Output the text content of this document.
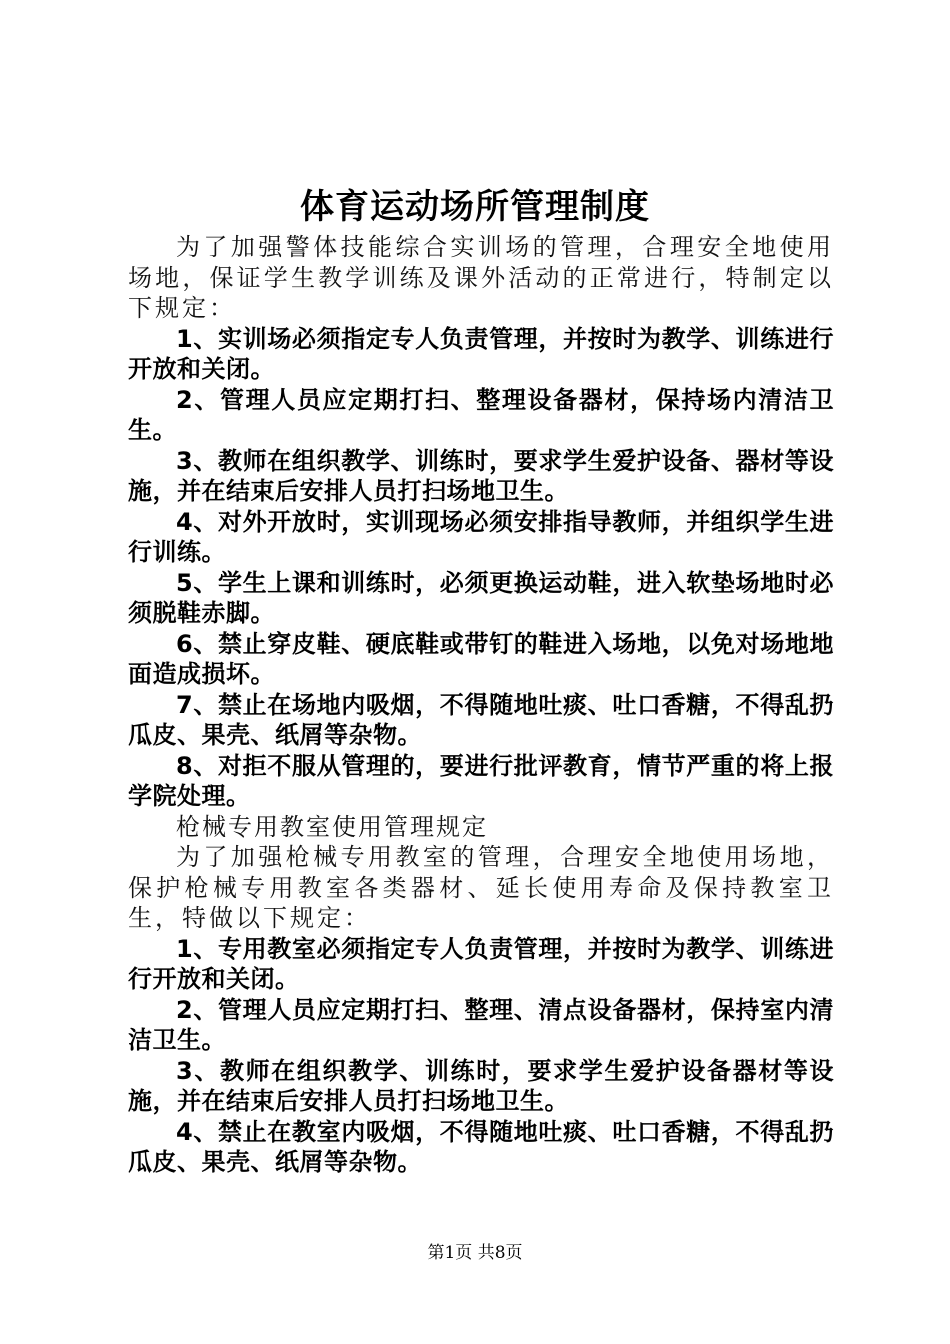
体育运动场所管理制度

为了加强警体技能综合实训场的管理，合理安全地使用场地，保证学生教学训练及课外活动的正常进行，特制定以下规定：

1、实训场必须指定专人负责管理，并按时为教学、训练进行开放和关闭。

2、管理人员应定期打扫、整理设备器材，保持场内清洁卫生。

3、教师在组织教学、训练时，要求学生爱护设备、器材等设施，并在结束后安排人员打扫场地卫生。

4、对外开放时，实训现场必须安排指导教师，并组织学生进行训练。

5、学生上课和训练时，必须更换运动鞋，进入软垫场地时必须脱鞋赤脚。

6、禁止穿皮鞋、硬底鞋或带钉的鞋进入场地，以免对场地地面造成损坏。

7、禁止在场地内吸烟，不得随地吐痰、吐口香糖，不得乱扔瓜皮、果壳、纸屑等杂物。

8、对拒不服从管理的，要进行批评教育，情节严重的将上报学院处理。

枪械专用教室使用管理规定

为了加强枪械专用教室的管理，合理安全地使用场地，保护枪械专用教室各类器材、延长使用寿命及保持教室卫生，特做以下规定：

1、专用教室必须指定专人负责管理，并按时为教学、训练进行开放和关闭。

2、管理人员应定期打扫、整理、清点设备器材，保持室内清洁卫生。

3、教师在组织教学、训练时，要求学生爱护设备器材等设施，并在结束后安排人员打扫场地卫生。

4、禁止在教室内吸烟，不得随地吐痰、吐口香糖，不得乱扔瓜皮、果壳、纸屑等杂物。

第1页 共8页
